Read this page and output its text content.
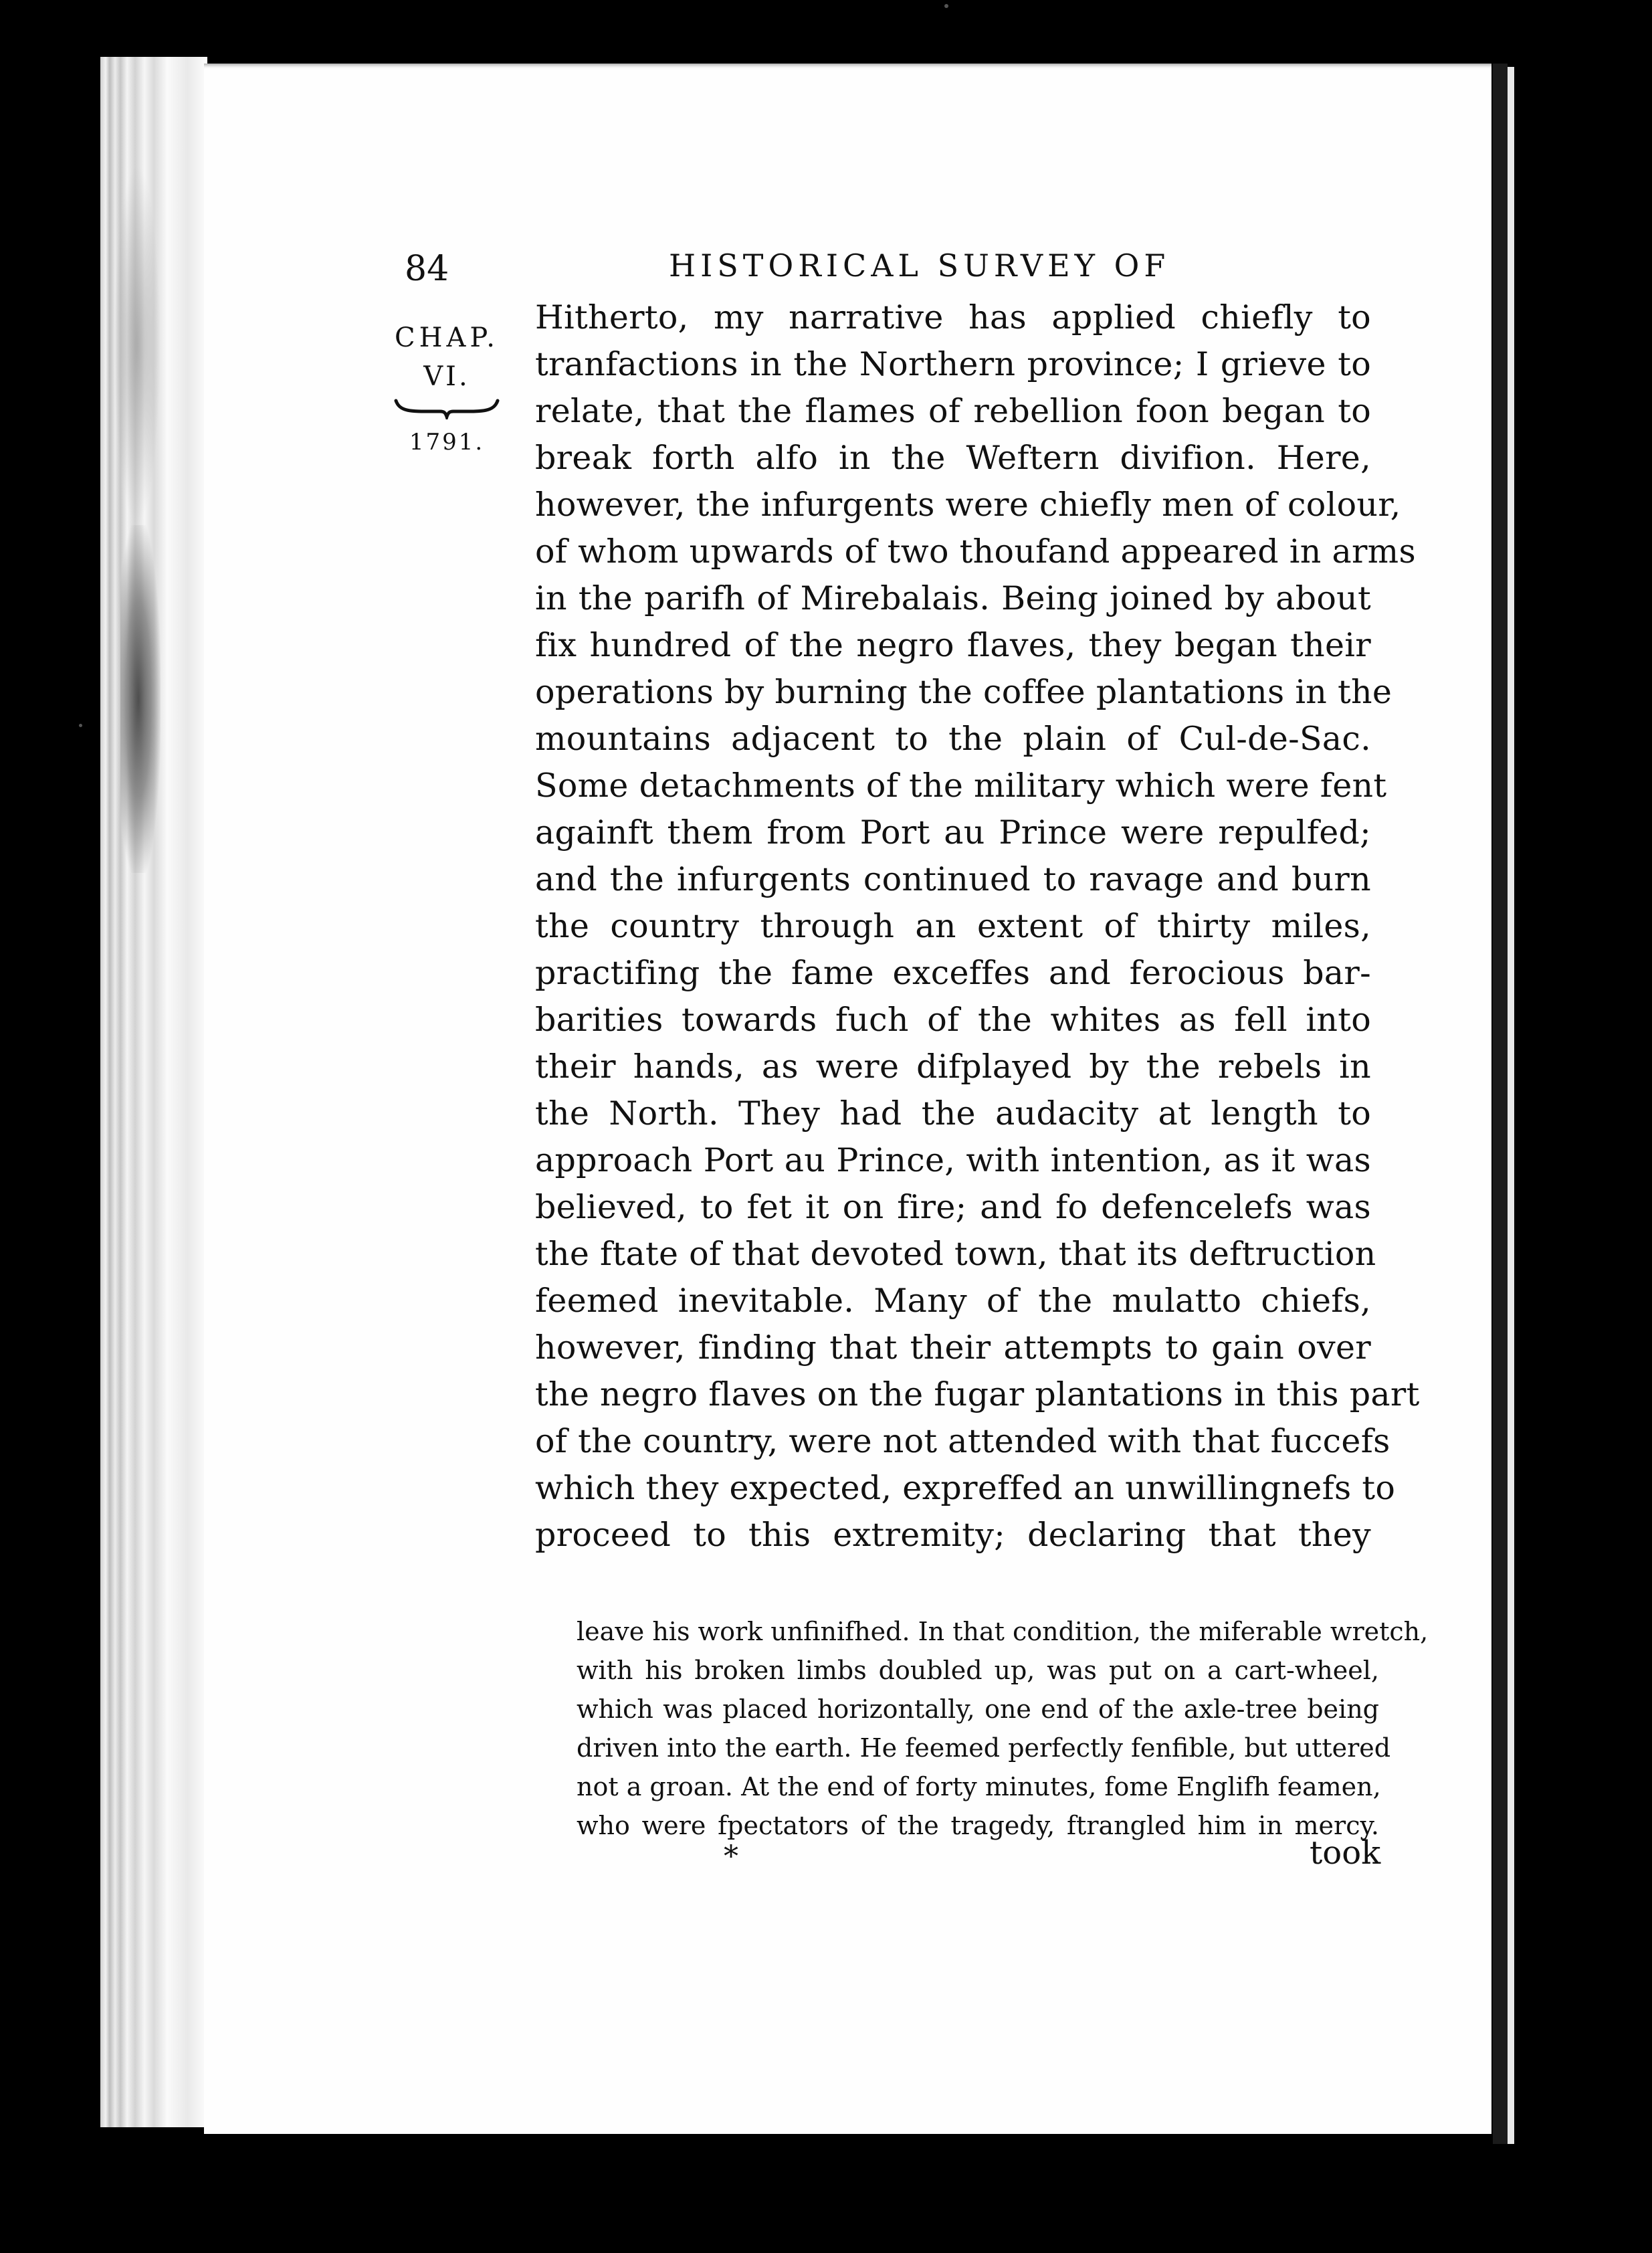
84	HISTORICAL SURVEY OF
CHAP.
VI.
1791.
Hitherto, my narrative has applied chiefly to
tranfactions in the Northern province; I grieve to
relate, that the flames of rebellion foon began to
break forth alfo in the Weftern divifion. Here,
however, the infurgents were chiefly men of colour,
of whom upwards of two thoufand appeared in arms
in the parifh of Mirebalais. Being joined by about
fix hundred of the negro flaves, they began their
operations by burning the coffee plantations in the
mountains adjacent to the plain of Cul-de-Sac.
Some detachments of the military which were fent
againft them from Port au Prince were repulfed;
and the infurgents continued to ravage and burn
the country through an extent of thirty miles,
practifing the fame exceffes and ferocious bar-
barities towards fuch of the whites as fell into
their hands, as were difplayed by the rebels in
the North. They had the audacity at length to
approach Port au Prince, with intention, as it was
believed, to fet it on fire; and fo defencelefs was
the ftate of that devoted town, that its deftruction
feemed inevitable. Many of the mulatto chiefs,
however, finding that their attempts to gain over
the negro flaves on the fugar plantations in this part
of the country, were not attended with that fuccefs
which they expected, expreffed an unwillingnefs to
proceed to this extremity; declaring that they
leave his work unfinifhed. In that condition, the miferable wretch,
with his broken limbs doubled up, was put on a cart-wheel,
which was placed horizontally, one end of the axle-tree being
driven into the earth. He feemed perfectly fenfible, but uttered
not a groan. At the end of forty minutes, fome Englifh feamen,
who were fpectators of the tragedy, ftrangled him in mercy.
*	took
